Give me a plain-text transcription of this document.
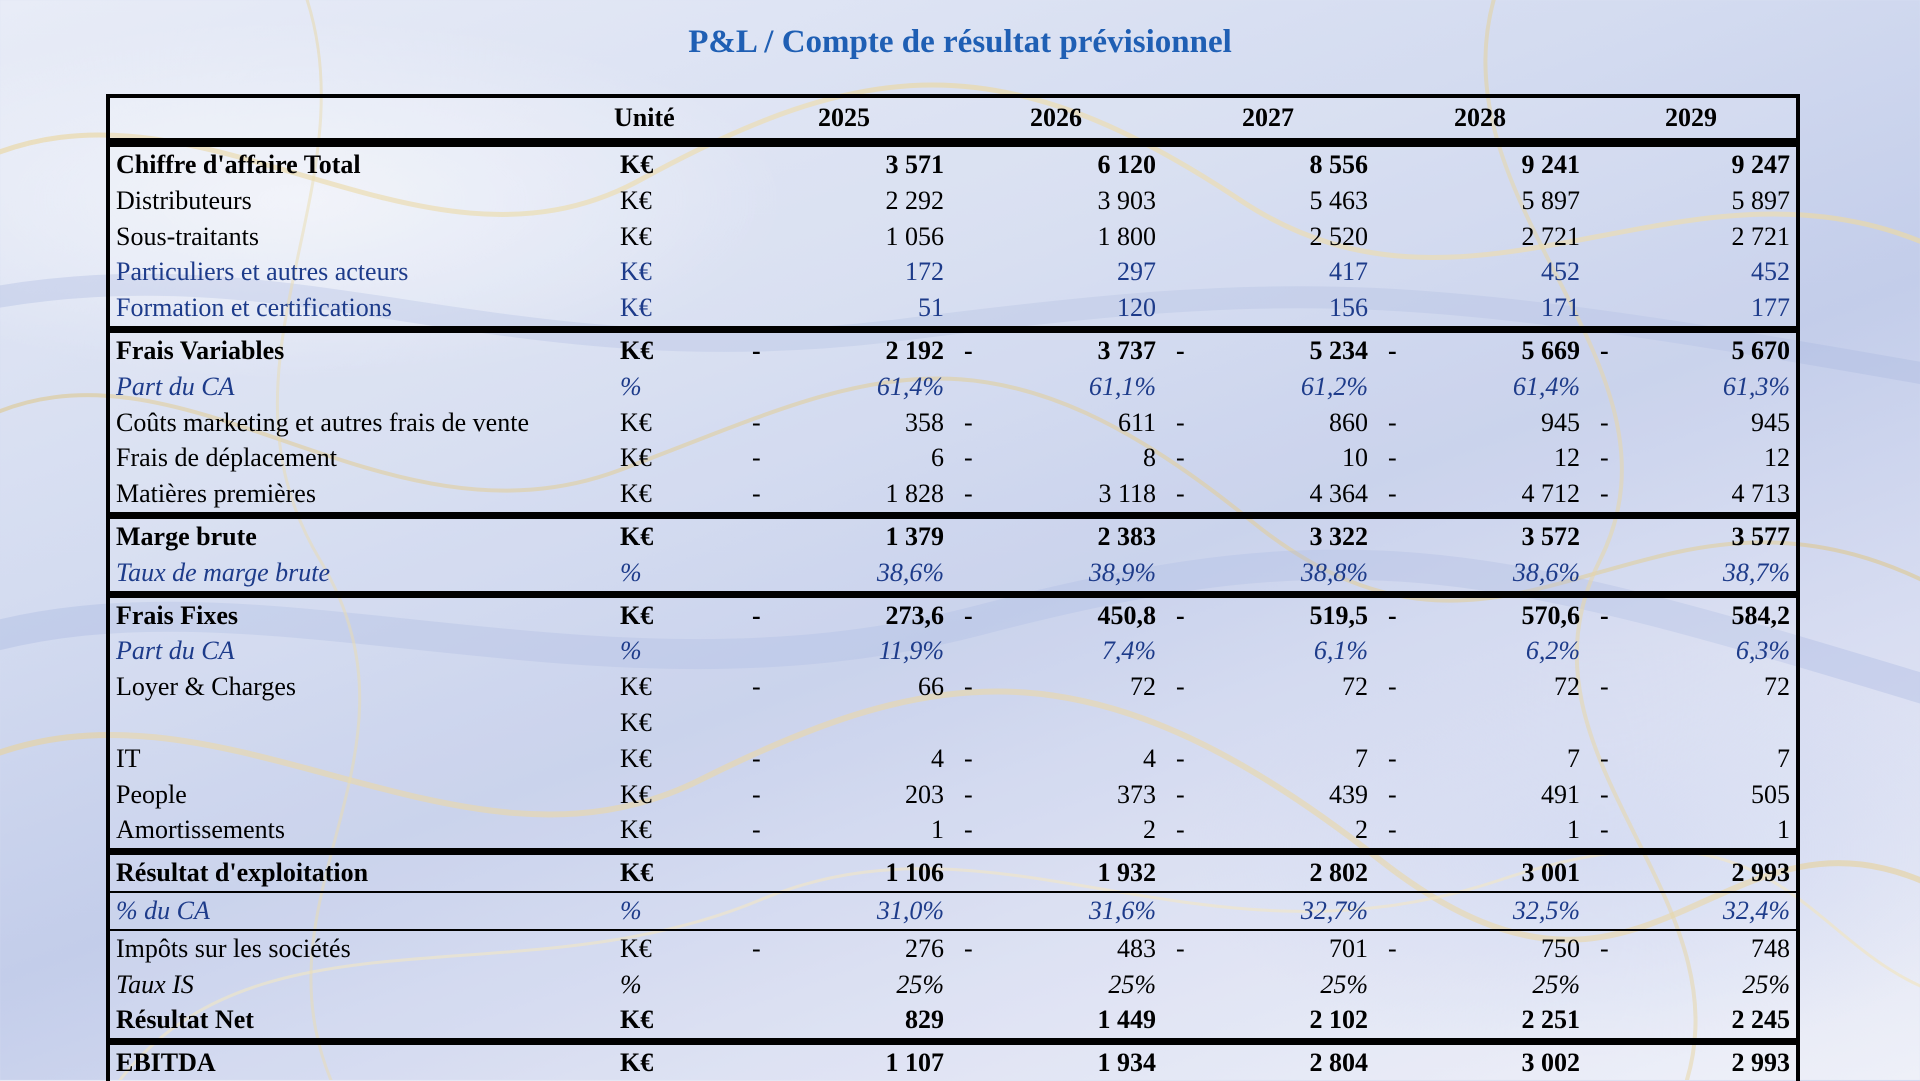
P&L / Compte de résultat prévisionnel
	Unité	2025	2026	2027	2028	2029
Chiffre d'affaire Total	K€	3 571	6 120	8 556	9 241	9 247
Distributeurs	K€	2 292	3 903	5 463	5 897	5 897
Sous-traitants	K€	1 056	1 800	2 520	2 721	2 721
Particuliers et autres acteurs	K€	172	297	417	452	452
Formation et certifications	K€	51	120	156	171	177
Frais Variables	K€	- 2 192	- 3 737	- 5 234	- 5 669	- 5 670
Part du CA	%	61,4%	61,1%	61,2%	61,4%	61,3%
Coûts marketing et autres frais de vente	K€	- 358	- 611	- 860	- 945	- 945
Frais de déplacement	K€	- 6	- 8	- 10	- 12	- 12
Matières premières	K€	- 1 828	- 3 118	- 4 364	- 4 712	- 4 713
Marge brute	K€	1 379	2 383	3 322	3 572	3 577
Taux de marge brute	%	38,6%	38,9%	38,8%	38,6%	38,7%
Frais Fixes	K€	- 273,6	- 450,8	- 519,5	- 570,6	- 584,2
Part du CA	%	11,9%	7,4%	6,1%	6,2%	6,3%
Loyer & Charges	K€	- 66	- 72	- 72	- 72	- 72
	K€					
IT	K€	- 4	- 4	- 7	- 7	- 7
People	K€	- 203	- 373	- 439	- 491	- 505
Amortissements	K€	- 1	- 2	- 2	- 1	- 1
Résultat d'exploitation	K€	1 106	1 932	2 802	3 001	2 993
% du CA	%	31,0%	31,6%	32,7%	32,5%	32,4%
Impôts sur les sociétés	K€	- 276	- 483	- 701	- 750	- 748
Taux IS	%	25%	25%	25%	25%	25%
Résultat Net	K€	829	1 449	2 102	2 251	2 245
EBITDA	K€	1 107	1 934	2 804	3 002	2 993
